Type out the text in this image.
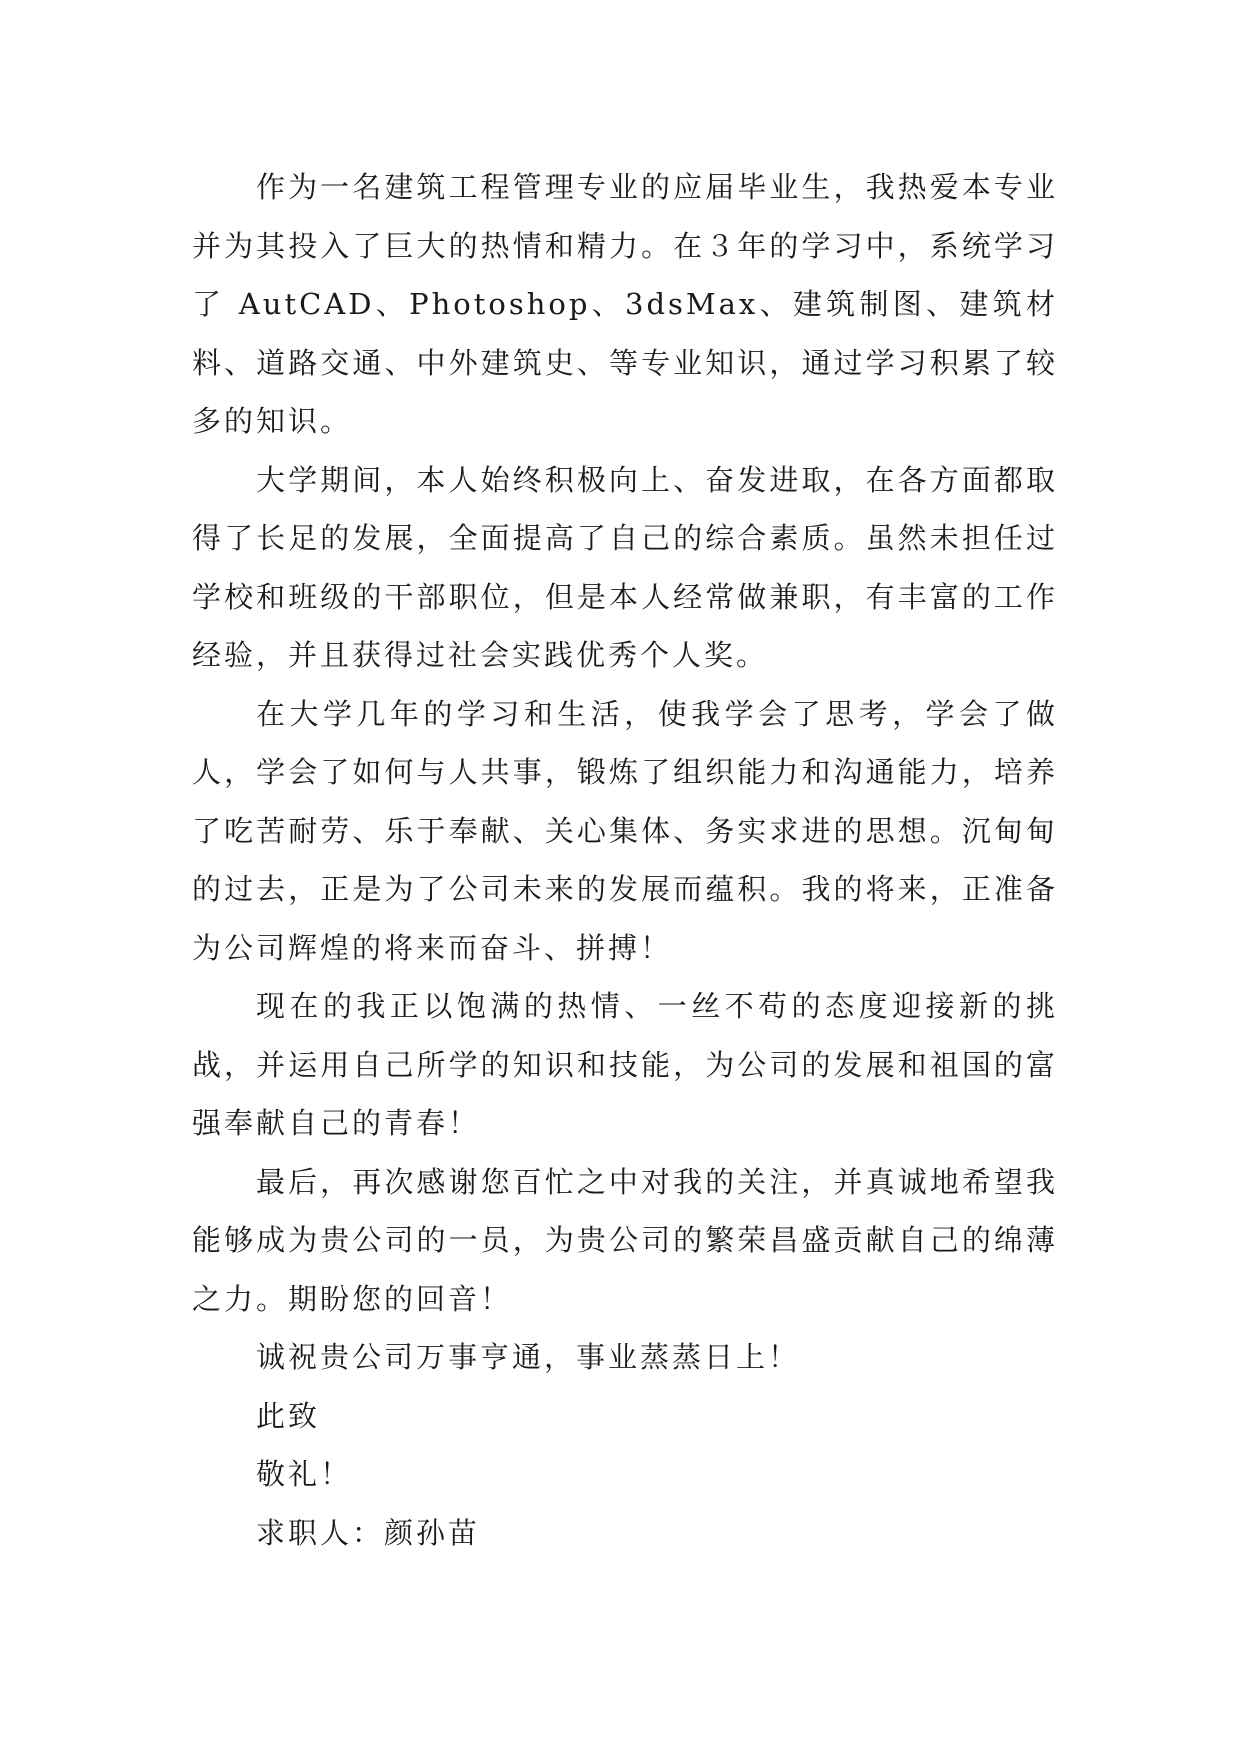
作为一名建筑工程管理专业的应届毕业生，我热爱本专业并为其投入了巨大的热情和精力。在３年的学习中，系统学习了 AutCAD、Photoshop、3dsMax、建筑制图、建筑材料、道路交通、中外建筑史、等专业知识，通过学习积累了较多的知识。

大学期间，本人始终积极向上、奋发进取，在各方面都取得了长足的发展，全面提高了自己的综合素质。虽然未担任过学校和班级的干部职位，但是本人经常做兼职，有丰富的工作经验，并且获得过社会实践优秀个人奖。

在大学几年的学习和生活，使我学会了思考，学会了做人，学会了如何与人共事，锻炼了组织能力和沟通能力，培养了吃苦耐劳、乐于奉献、关心集体、务实求进的思想。沉甸甸的过去，正是为了公司未来的发展而蕴积。我的将来，正准备为公司辉煌的将来而奋斗、拼搏！

现在的我正以饱满的热情、一丝不苟的态度迎接新的挑战，并运用自己所学的知识和技能，为公司的发展和祖国的富强奉献自己的青春！

最后，再次感谢您百忙之中对我的关注，并真诚地希望我能够成为贵公司的一员，为贵公司的繁荣昌盛贡献自己的绵薄之力。期盼您的回音！

诚祝贵公司万事亨通，事业蒸蒸日上！

此致

敬礼！

求职人：颜孙苗
